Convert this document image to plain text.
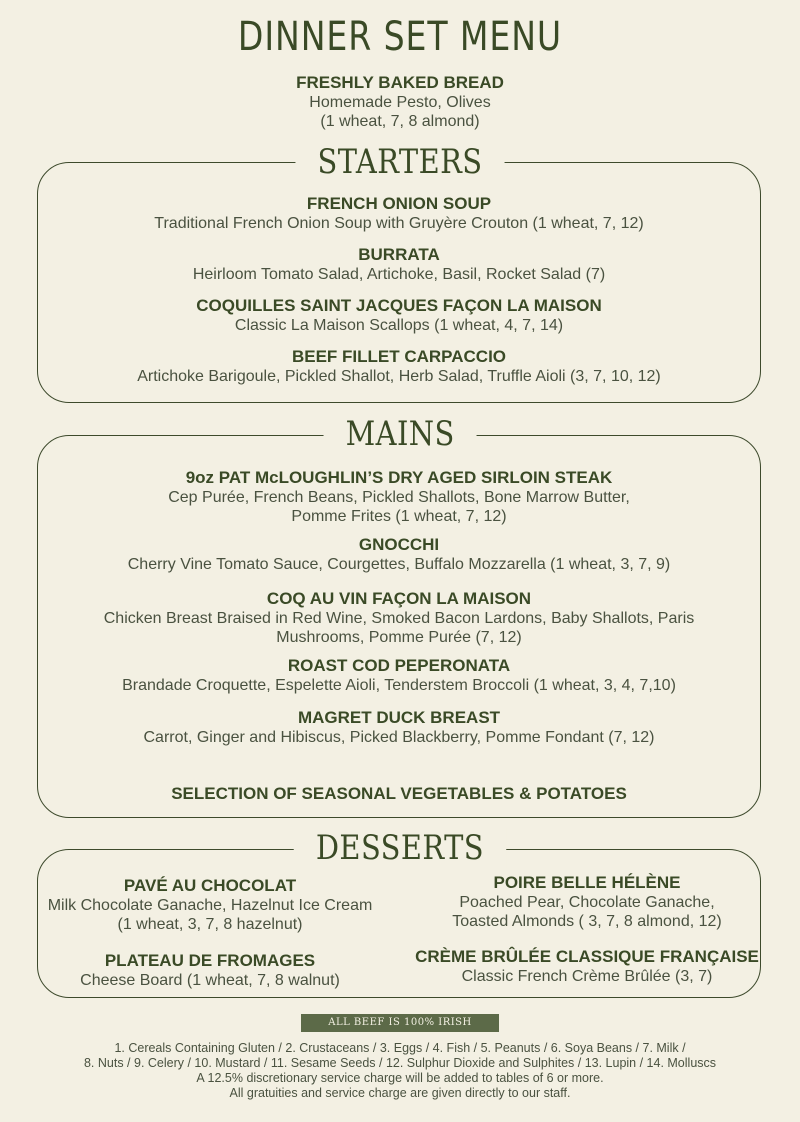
DINNER SET MENU
FRESHLY BAKED BREAD
Homemade Pesto, Olives
(1 wheat, 7, 8 almond)
STARTERS
FRENCH ONION SOUP
Traditional French Onion Soup with Gruyère Crouton (1 wheat, 7, 12)
BURRATA
Heirloom Tomato Salad, Artichoke, Basil, Rocket Salad (7)
COQUILLES SAINT JACQUES FAÇON LA MAISON
Classic La Maison Scallops (1 wheat, 4, 7, 14)
BEEF FILLET CARPACCIO
Artichoke Barigoule, Pickled Shallot, Herb Salad, Truffle Aioli (3, 7, 10, 12)
MAINS
9oz PAT McLOUGHLIN’S DRY AGED SIRLOIN STEAK
Cep Purée, French Beans, Pickled Shallots, Bone Marrow Butter,
Pomme Frites (1 wheat, 7, 12)
GNOCCHI
Cherry Vine Tomato Sauce, Courgettes, Buffalo Mozzarella (1 wheat, 3, 7, 9)
COQ AU VIN FAÇON LA MAISON
Chicken Breast Braised in Red Wine, Smoked Bacon Lardons, Baby Shallots, Paris
Mushrooms, Pomme Purée (7, 12)
ROAST COD PEPERONATA
Brandade Croquette, Espelette Aioli, Tenderstem Broccoli (1 wheat, 3, 4, 7,10)
MAGRET DUCK BREAST
Carrot, Ginger and Hibiscus, Picked Blackberry, Pomme Fondant (7, 12)
SELECTION OF SEASONAL VEGETABLES & POTATOES
DESSERTS
PAVÉ AU CHOCOLAT
Milk Chocolate Ganache, Hazelnut Ice Cream
(1 wheat, 3, 7, 8 hazelnut)
PLATEAU DE FROMAGES
Cheese Board (1 wheat, 7, 8 walnut)
POIRE BELLE HÉLÈNE
Poached Pear, Chocolate Ganache,
Toasted Almonds ( 3, 7, 8 almond, 12)
CRÈME BRÛLÉE CLASSIQUE FRANÇAISE
Classic French Crème Brûlée (3, 7)
ALL BEEF IS 100% IRISH
1. Cereals Containing Gluten / 2. Crustaceans / 3. Eggs / 4. Fish / 5. Peanuts / 6. Soya Beans / 7. Milk /
8. Nuts / 9. Celery / 10. Mustard / 11. Sesame Seeds / 12. Sulphur Dioxide and Sulphites / 13. Lupin / 14. Molluscs
A 12.5% discretionary service charge will be added to tables of 6 or more.
All gratuities and service charge are given directly to our staff.
